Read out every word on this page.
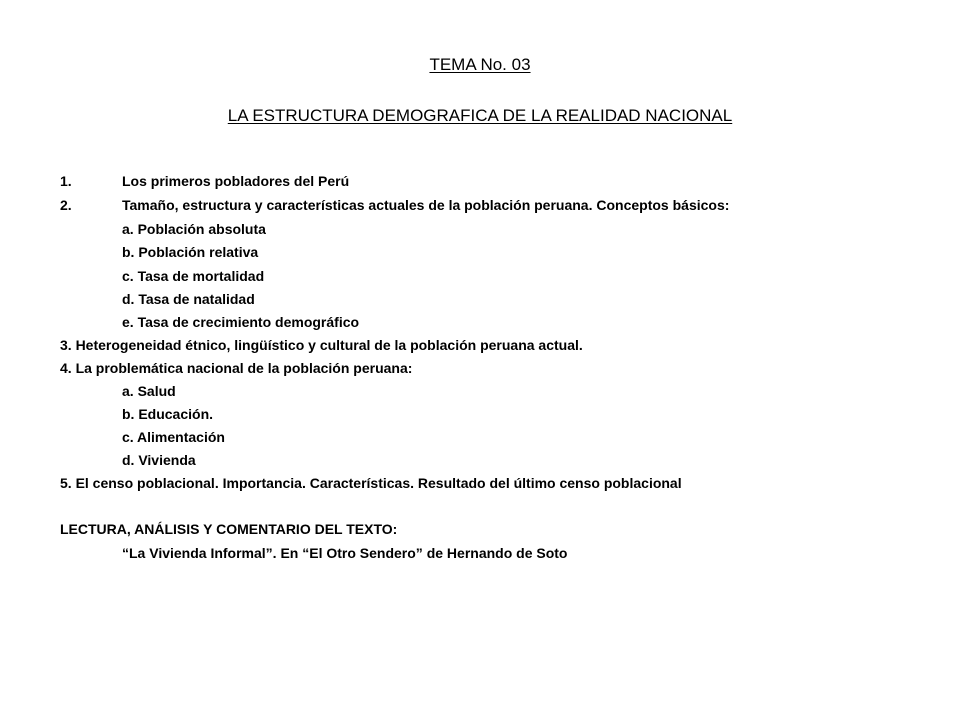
TEMA No. 03
LA ESTRUCTURA DEMOGRAFICA DE LA REALIDAD NACIONAL
1.	Los primeros pobladores del Perú
2.	Tamaño, estructura y características actuales de la población peruana. Conceptos básicos:
a. Población absoluta
b. Población relativa
c. Tasa de mortalidad
d. Tasa de natalidad
e. Tasa de crecimiento demográfico
3. Heterogeneidad étnico, lingüístico y cultural de la población peruana actual.
4. La problemática nacional de la población peruana:
a. Salud
b. Educación.
c. Alimentación
d. Vivienda
5. El censo poblacional. Importancia. Características. Resultado del último censo poblacional
LECTURA, ANÁLISIS Y COMENTARIO DEL TEXTO:
“La Vivienda Informal”. En “El Otro Sendero” de Hernando de Soto
